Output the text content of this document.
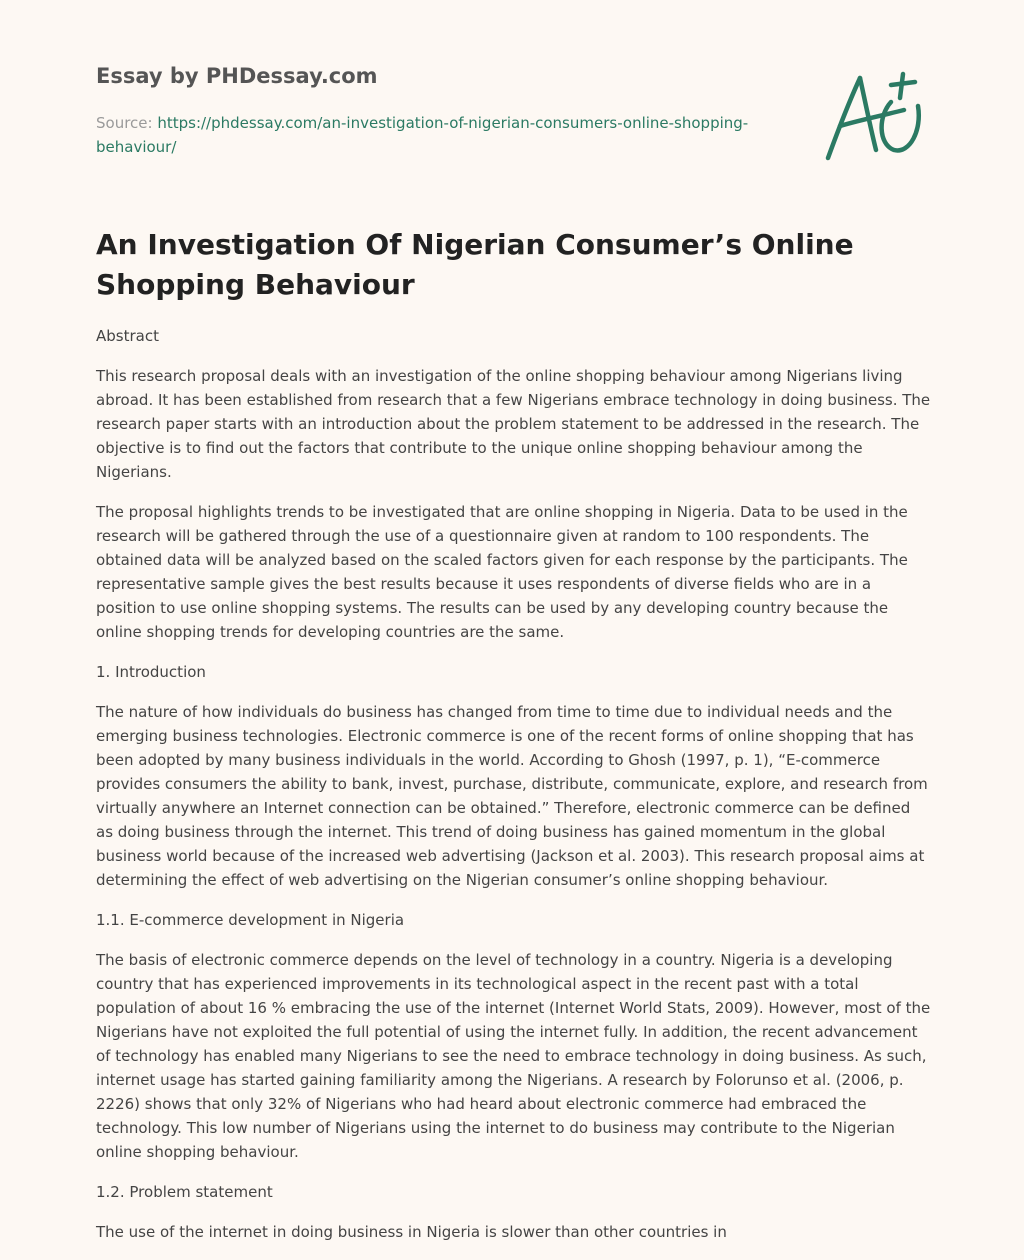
Essay by PHDessay.com
Source: https://phdessay.com/an-investigation-of-nigerian-consumers-online-shopping-behaviour/
An Investigation Of Nigerian Consumer’s Online Shopping Behaviour

Abstract

This research proposal deals with an investigation of the online shopping behaviour among Nigerians living abroad. It has been established from research that a few Nigerians embrace technology in doing business. The research paper starts with an introduction about the problem statement to be addressed in the research. The objective is to find out the factors that contribute to the unique online shopping behaviour among the Nigerians.

The proposal highlights trends to be investigated that are online shopping in Nigeria. Data to be used in the research will be gathered through the use of a questionnaire given at random to 100 respondents. The obtained data will be analyzed based on the scaled factors given for each response by the participants. The representative sample gives the best results because it uses respondents of diverse fields who are in a position to use online shopping systems. The results can be used by any developing country because the online shopping trends for developing countries are the same.

1. Introduction

The nature of how individuals do business has changed from time to time due to individual needs and the emerging business technologies. Electronic commerce is one of the recent forms of online shopping that has been adopted by many business individuals in the world. According to Ghosh (1997, p. 1), “E-commerce provides consumers the ability to bank, invest, purchase, distribute, communicate, explore, and research from virtually anywhere an Internet connection can be obtained.” Therefore, electronic commerce can be defined as doing business through the internet. This trend of doing business has gained momentum in the global business world because of the increased web advertising (Jackson et al. 2003). This research proposal aims at determining the effect of web advertising on the Nigerian consumer’s online shopping behaviour.

1.1. E-commerce development in Nigeria

The basis of electronic commerce depends on the level of technology in a country. Nigeria is a developing country that has experienced improvements in its technological aspect in the recent past with a total population of about 16 % embracing the use of the internet (Internet World Stats, 2009). However, most of the Nigerians have not exploited the full potential of using the internet fully. In addition, the recent advancement of technology has enabled many Nigerians to see the need to embrace technology in doing business. As such, internet usage has started gaining familiarity among the Nigerians. A research by Folorunso et al. (2006, p. 2226) shows that only 32% of Nigerians who had heard about electronic commerce had embraced the technology. This low number of Nigerians using the internet to do business may contribute to the Nigerian online shopping behaviour.

1.2. Problem statement

The use of the internet in doing business in Nigeria is slower than other countries in
